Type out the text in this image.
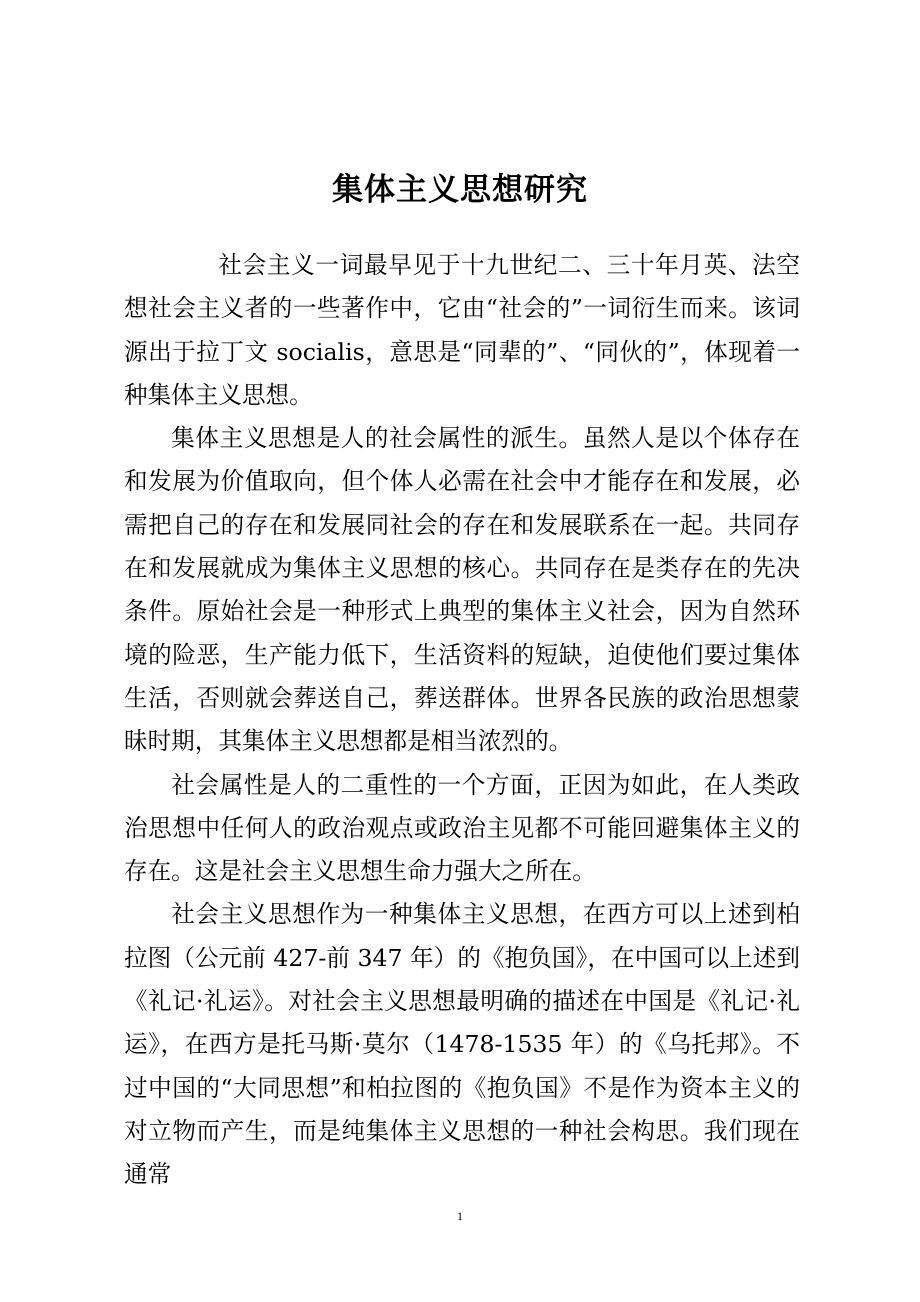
集体主义思想研究

社会主义一词最早见于十九世纪二、三十年月英、法空想社会主义者的一些著作中，它由“社会的”一词衍生而来。该词源出于拉丁文 socialis，意思是“同辈的”、“同伙的”，体现着一种集体主义思想。

集体主义思想是人的社会属性的派生。虽然人是以个体存在和发展为价值取向，但个体人必需在社会中才能存在和发展，必需把自己的存在和发展同社会的存在和发展联系在一起。共同存在和发展就成为集体主义思想的核心。共同存在是类存在的先决条件。原始社会是一种形式上典型的集体主义社会，因为自然环境的险恶，生产能力低下，生活资料的短缺，迫使他们要过集体生活，否则就会葬送自己，葬送群体。世界各民族的政治思想蒙昧时期，其集体主义思想都是相当浓烈的。

社会属性是人的二重性的一个方面，正因为如此，在人类政治思想中任何人的政治观点或政治主见都不可能回避集体主义的存在。这是社会主义思想生命力强大之所在。

社会主义思想作为一种集体主义思想，在西方可以上述到柏拉图（公元前 427-前 347 年）的《抱负国》，在中国可以上述到《礼记·礼运》。对社会主义思想最明确的描述在中国是《礼记·礼运》，在西方是托马斯·莫尔（1478-1535 年）的《乌托邦》。不过中国的“大同思想”和柏拉图的《抱负国》不是作为资本主义的对立物而产生，而是纯集体主义思想的一种社会构思。我们现在通常

1
